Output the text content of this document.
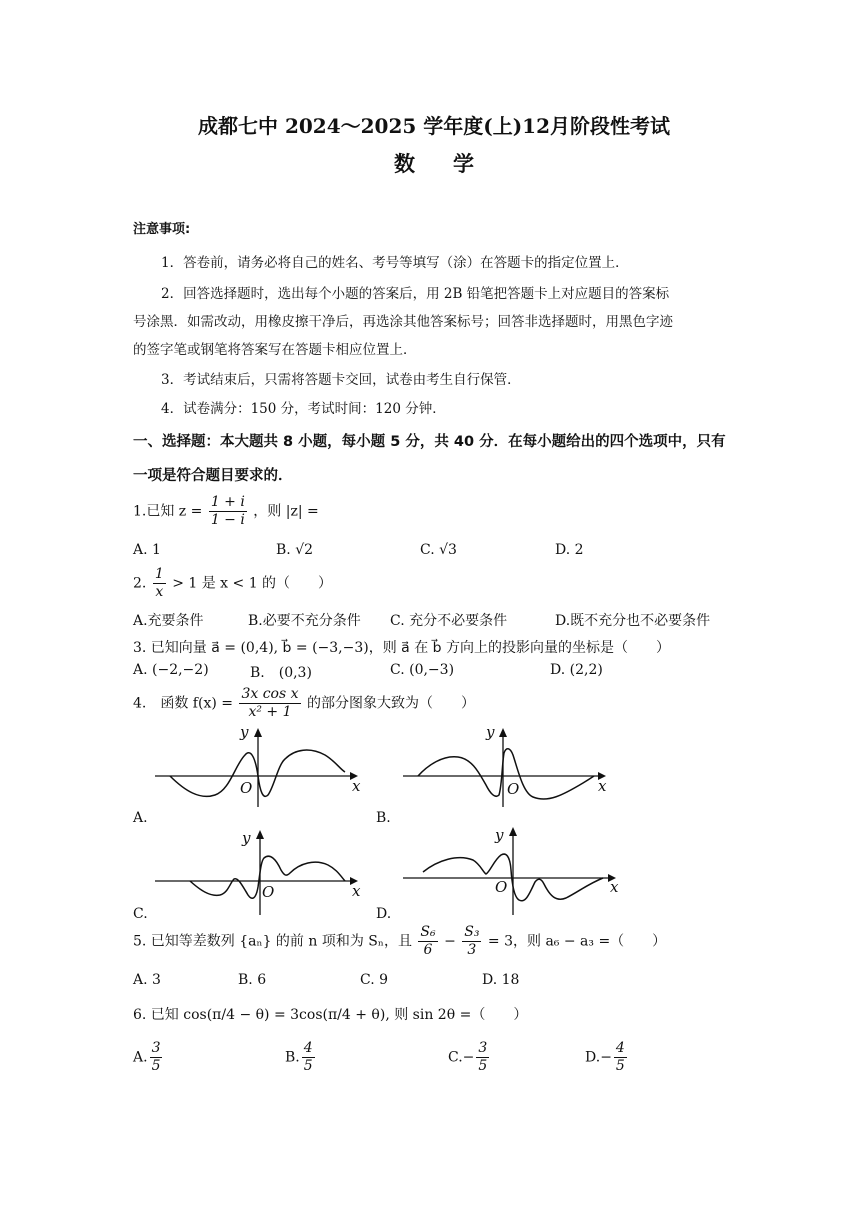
成都七中 2024～2025 学年度(上)12月阶段性考试
数学
注意事项:
1．答卷前，请务必将自己的姓名、考号等填写（涂）在答题卡的指定位置上．
2．回答选择题时，选出每个小题的答案后，用 2B 铅笔把答题卡上对应题目的答案标
号涂黑．如需改动，用橡皮擦干净后，再选涂其他答案标号；回答非选择题时，用黑色字迹
的签字笔或钢笔将答案写在答题卡相应位置上．
3．考试结束后，只需将答题卡交回，试卷由考生自行保管．
4．试卷满分：150 分，考试时间：120 分钟．
一、选择题：本大题共 8 小题，每小题 5 分，共 40 分．在每小题给出的四个选项中，只有
一项是符合题目要求的．
1.已知 $z = \frac{1 + i}{1 - i}$ ，则 |z| =
A. 1	B. √2	C. √3	D. 2
2. $\frac{1}{x} > 1$ 是 x < 1 的（　　）
A.充要条件	B.必要不充分条件 C. 充分不必要条件	D.既不充分也不必要条件
3. 已知向量 a⃗ = (0,4), b⃗ = (−3,−3)，则 a⃗ 在 b⃗ 方向上的投影向量的坐标是（　　）
A. (−2,−2)	B.　(0,3)	C. (0,−3)	D. (2,2)
4.　函数 $f(x) = \frac{\text{3x cos x}}{\text{x² + 1}}$ 的部分图象大致为（　　）
y
x
O
A.
y
x
O
B.
y
x
O
C.
y
x
O
D.
5. 已知等差数列 {aₙ} 的前 n 项和为 Sₙ，且 $\frac{\text{S₆}}{6} - \frac{\text{S₃}}{3} = 3$，则 a₆ − a₃ =（　　）
A. 3	B. 6	C. 9	D. 18
6. 已知 cos(π/4 − θ) = 3cos(π/4 + θ), 则 sin 2θ =（　　）
A. $\frac{3}{5}$	B. $\frac{4}{5}$	$C.- \frac{3}{5}$	$D.- \frac{4}{5}$
